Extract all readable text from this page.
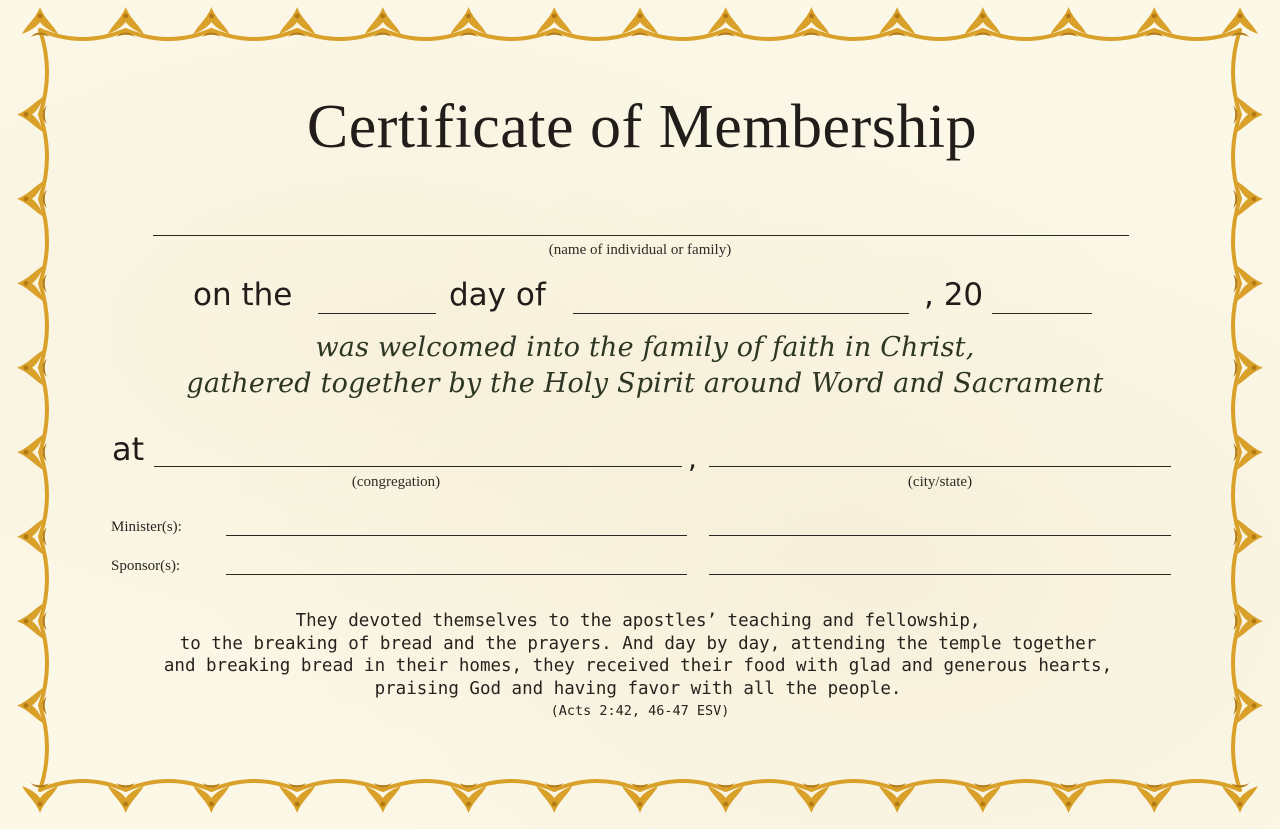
Certificate of Membership
(name of individual or family)
on the	day of	, 20
was welcomed into the family of faith in Christ,
gathered together by the Holy Spirit around Word and Sacrament
at	,
(congregation)	(city/state)
Minister(s):
Sponsor(s):
They devoted themselves to the apostles’ teaching and fellowship,
to the breaking of bread and the prayers. And day by day, attending the temple together
and breaking bread in their homes, they received their food with glad and generous hearts,
praising God and having favor with all the people.
(Acts 2:42, 46-47 ESV)
